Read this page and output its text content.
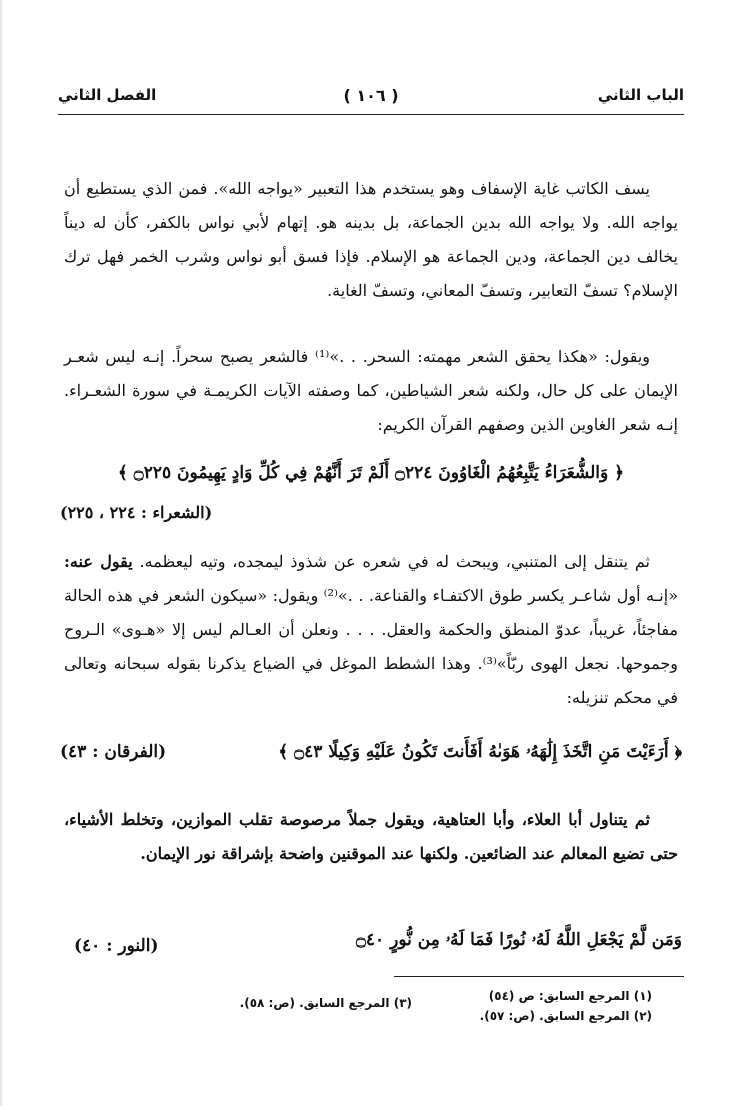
الباب الثاني
( ١٠٦ )
الفصل الثاني
يسف الكاتب غاية الإسفاف وهو يستخدم هذا التعبير «يواجه الله». فمن الذي يستطيع أن يواجه الله. ولا يواجه الله بدين الجماعة، بل بدينه هو. إتهام لأبي نواس بالكفر، كأن له ديناً يخالف دين الجماعة، ودين الجماعة هو الإسلام. فإذا فسق أبو نواس وشرب الخمر فهل ترك الإسلام؟ تسفّ التعابير، وتسفّ المعاني، وتسفّ الغاية.
ويقول: «هكذا يحقق الشعر مهمته: السحر. . .»⁽¹⁾ فالشعر يصبح سحراً. إنـه ليس شعـر الإيمان على كل حال، ولكنه شعر الشياطين، كما وصفته الآيات الكريمـة في سورة الشعـراء. إنـه شعر الغاوين الذين وصفهم القرآن الكريم:
﴿ وَالشُّعَرَاءُ يَتَّبِعُهُمُ الْغَاوُونَ ۝٢٢٤ أَلَمْ تَرَ أَنَّهُمْ فِي كُلِّ وَادٍ يَهِيمُونَ ۝٢٢٥ ﴾
(الشعراء : ٢٢٤ ، ٢٢٥)
ثم يتنقل إلى المتنبي، ويبحث له في شعره عن شذوذ ليمجده، وتيه ليعظمه. يقول عنه: «إنـه أول شاعـر يكسر طوق الاكتفـاء والقناعة. . .»⁽²⁾ ويقول: «سيكون الشعر في هذه الحالة مفاجئاً، غريباً، عدوّ المنطق والحكمة والعقل. . . . ونعلن أن العـالم ليس إلا «هـوى» الـروح وجموحها. نجعل الهوى ربّاً»⁽³⁾. وهذا الشطط الموغل في الضياع يذكرنا بقوله سبحانه وتعالى في محكم تنزيله:
﴿ أَرَءَيْتَ مَنِ اتَّخَذَ إِلَٰهَهُۥ هَوَىٰهُ أَفَأَنتَ تَكُونُ عَلَيْهِ وَكِيلًا ۝٤٣ ﴾
(الفرقان : ٤٣)
ثم يتناول أبا العلاء، وأبا العتاهية، ويقول جملاً مرصوصة تقلب الموازين، وتخلط الأشياء، حتى تضيع المعالم عند الضائعين. ولكنها عند الموقنين واضحة بإشراقة نور الإيمان.
وَمَن لَّمْ يَجْعَلِ اللَّهُ لَهُۥ نُورًا فَمَا لَهُۥ مِن نُّورٍ ۝٤٠
(النور : ٤٠)
(١) المرجع السابق: ص (٥٤)
(٢) المرجع السابق. (ص: ٥٧).
(٣) المرجع السابق. (ص: ٥٨).
